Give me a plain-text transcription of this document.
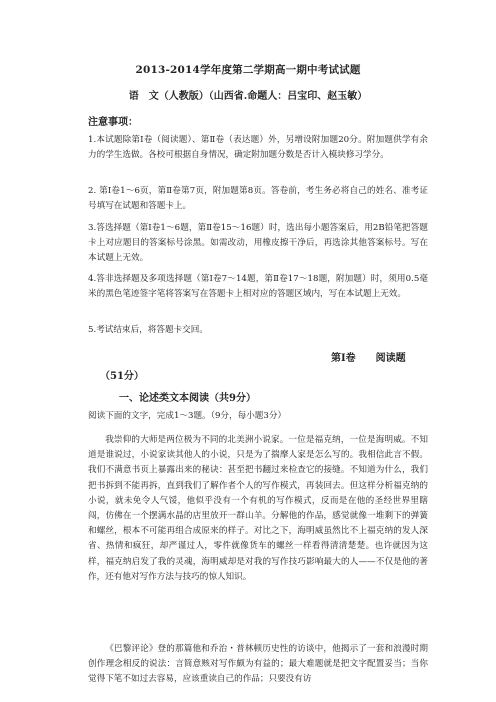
2013-2014学年度第二学期高一期中考试试题
语　文（人教版）（山西省.命题人：吕宝印、赵玉敏）
注意事项：

1.本试题除第Ⅰ卷（阅读题）、第Ⅱ卷（表达题）外，另增设附加题20分。附加题供学有余力的学生选做。各校可根据自身情况，确定附加题分数是否计入模块修习学分。

2. 第Ⅰ卷1～6页，第Ⅱ卷第7页，附加题第8页。答卷前，考生务必将自己的姓名、准考证号填写在试题和答题卡上。

3.答选择题（第Ⅰ卷1～6题，第Ⅱ卷15～16题）时，选出每小题答案后，用2B铅笔把答题卡上对应题目的答案标号涂黑。如需改动，用橡皮擦干净后，再选涂其他答案标号。写在本试题上无效。

4.答非选择题及多项选择题（第Ⅰ卷7～14题，第Ⅱ卷17～18题，附加题）时，须用0.5毫米的黑色笔迹签字笔将答案写在答题卡上相对应的答题区域内，写在本试题上无效。

5.考试结束后，将答题卡交回。

第Ⅰ卷　　阅读题
（51分）
一、论述类文本阅读（共9分）

阅读下面的文字，完成1～3题。（9分，每小题3分）

我崇仰的大师是两位极为不同的北美洲小说家。一位是福克纳，一位是海明威。不知道是谁说过，小说家读其他人的小说，只是为了揣摩人家是怎么写的。我相信此言不假。我们不满意书页上暴露出来的秘诀：甚至把书翻过来检查它的接缝。不知道为什么，我们把书拆到不能再拆，直到我们了解作者个人的写作模式，再装回去。但这样分析福克纳的小说，就未免令人气馁，他似乎没有一个有机的写作模式，反而是在他的圣经世界里瞎闯，仿佛在一个摆满水晶的店里放开一群山羊。分解他的作品，感觉就像一堆剩下的弹簧和螺丝，根本不可能再组合成原来的样子。对比之下，海明威虽然比不上福克纳的发人深省、热情和疯狂，却严谨过人，零件就像货车的螺丝一样看得清清楚楚。也许就因为这样，福克纳启发了我的灵魂，海明威却是对我的写作技巧影响最大的人——不仅是他的著作，还有他对写作方法与技巧的惊人知识。

《巴黎评论》登的那篇他和乔治・普林顿历史性的访谈中，他揭示了一套和浪漫时期创作理念相反的说法：言简意赅对写作颇为有益的；最大难题就是把文字配置妥当；当你觉得下笔不如过去容易，应该重读自己的作品；只要没有访
